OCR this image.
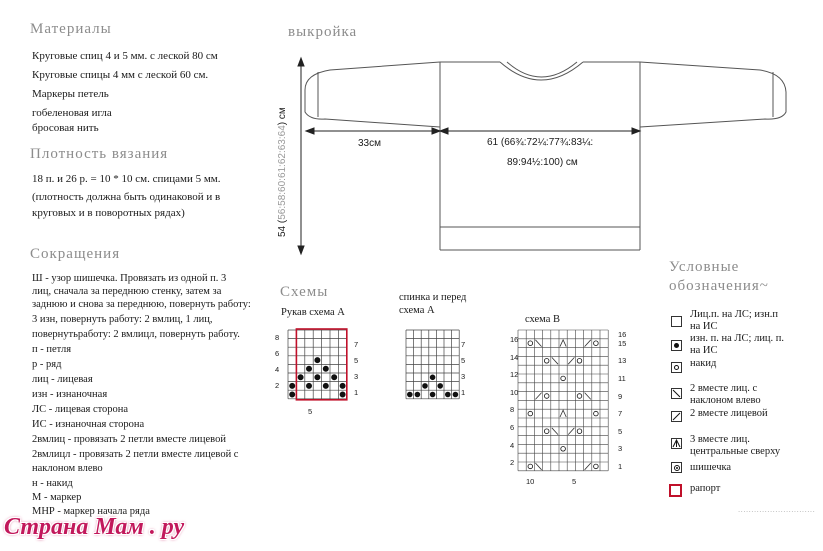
Материалы
Круговые спиц 4 и 5 мм. с леской 80 см
Круговые спицы 4 мм с леской 60 см.
Маркеры петель
гобеленовая игла
бросовая нить
Плотность вязания
18 п. и 26 р. = 10 * 10 см. спицами 5 мм.
(плотность должна быть одинаковой и в
круговых и в поворотных рядах)
Сокращения
Ш - узор шишечка. Провязать из одной п. 3
лиц, сначала за переднюю стенку, затем за
заднюю и снова за переднюю, повернуть работу:
3 изн, повернуть работу: 2 вмлиц, 1 лиц,
повернутьработу: 2 вмлицл, повернуть работу.
п - петля
р - ряд
лиц - лицевая
изн - изнаночная
ЛС - лицевая сторона
ИС - изнаночная сторона
2вмлиц - провязать 2 петли вместе лицевой
2вмлицл - провязать 2 петли вместе лицевой с
наклоном влево
н - накид
М - маркер
МНР - маркер начала ряда
выкройка
54 (56:58:60:61:62:63:64) см
33см	61 (66¾:72¼:77¾:83¼:
89:94½:100) см
Схемы
Рукав схема A
спинка и перед
схема A
схема B
8
6
4
2
7
5
3
1
5
7
5
3
1
16
14
12
10
8
6
4
2
16
15
13
11
9
7
5
3
1
10	5
Условные
обозначения~
Лиц.п. на ЛС; изн.п
на ИС
изн. п. на ЛС; лиц. п.
на ИС
накид
2 вместе лиц. с
наклоном влево
2 вместе лицевой
3 вместе лиц.
центральные сверху
шишечка
рапорт
Страна Мам . ру
·····························
